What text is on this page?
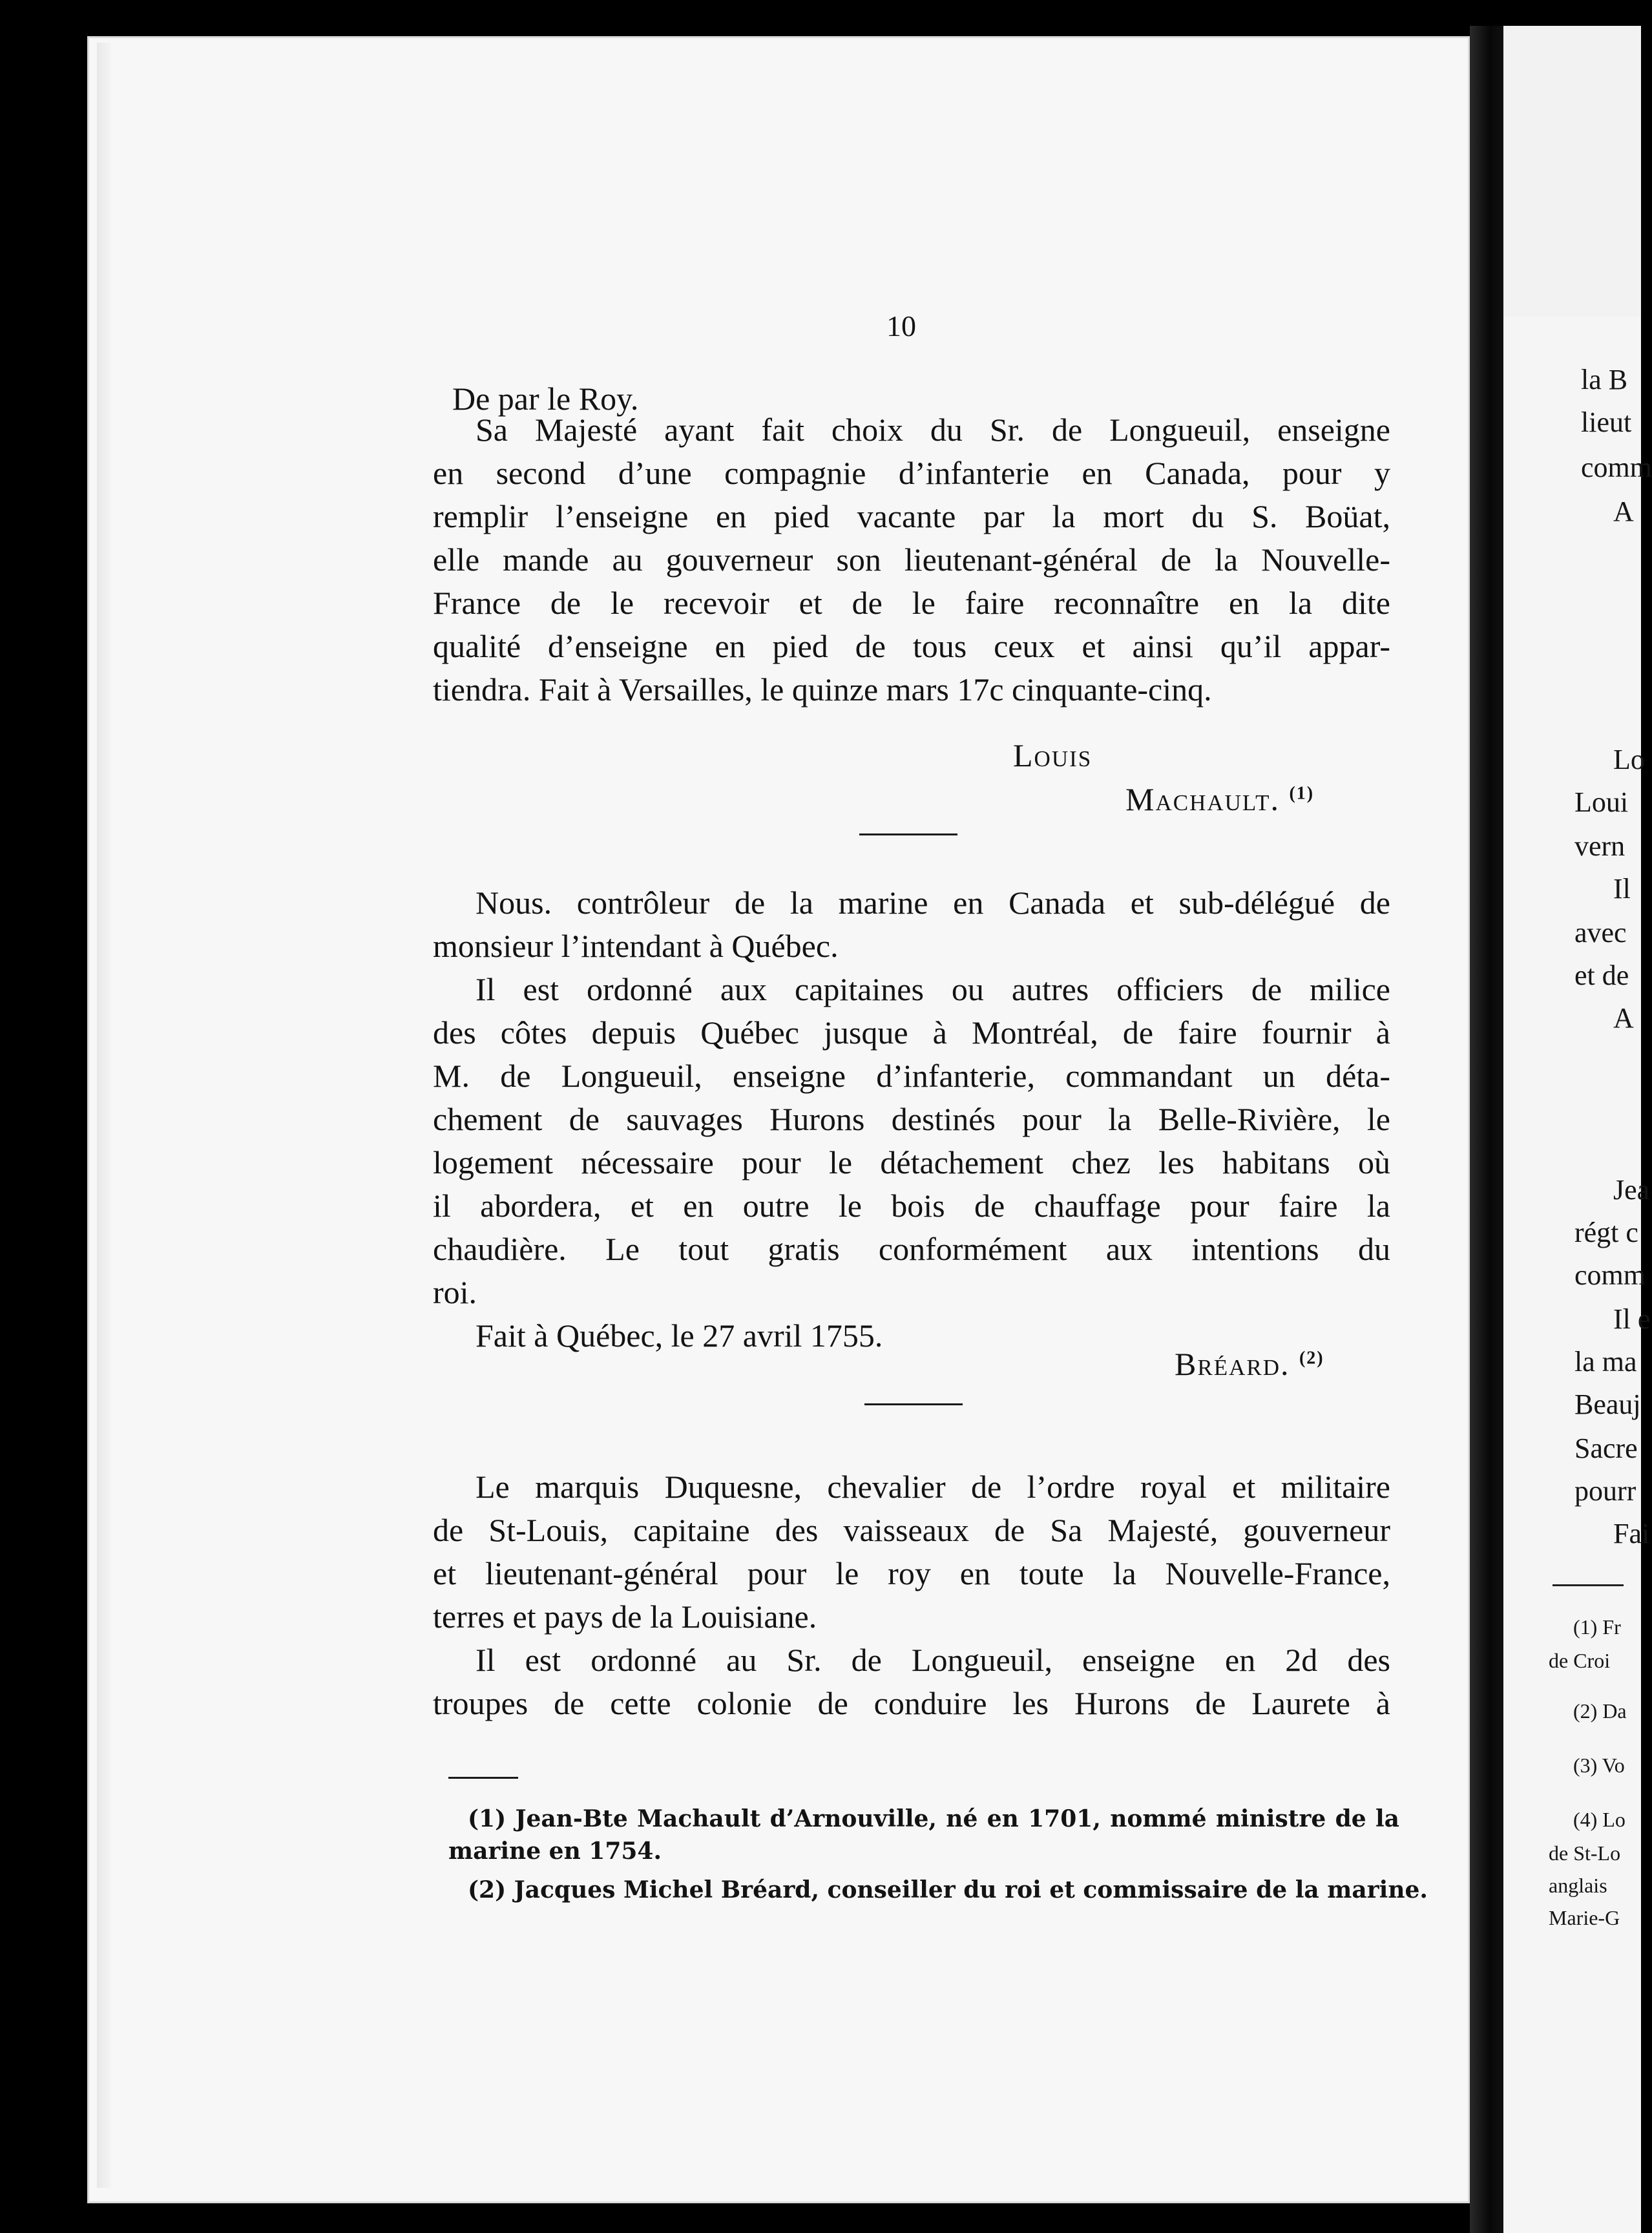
la B
lieut
comm
A
Lo
Loui
vern
Il
avec
et de
A
Jea
régt c
comm
Il e
la ma
Beauj
Sacre
pourr
Fai
(1) Fr
de Croi
(2) Da
(3) Vo
(4) Lo
de St-Lo
anglais
Marie-G
10
De par le Roy.
Sa Majesté ayant fait choix du Sr. de Longueuil, enseigne
en second d’une compagnie d’infanterie en Canada, pour y
remplir l’enseigne en pied vacante par la mort du S. Boüat,
elle mande au gouverneur son lieutenant-général de la Nouvelle-
France de le recevoir et de le faire reconnaître en la dite
qualité d’enseigne en pied de tous ceux et ainsi qu’il appar-
tiendra. Fait à Versailles, le quinze mars 17c cinquante-cinq.
Louis
Machault. $^{(1)}$
Nous. contrôleur de la marine en Canada et sub-délégué de
monsieur l’intendant à Québec.
Il est ordonné aux capitaines ou autres officiers de milice
des côtes depuis Québec jusque à Montréal, de faire fournir à
M. de Longueuil, enseigne d’infanterie, commandant un déta-
chement de sauvages Hurons destinés pour la Belle-Rivière, le
logement nécessaire pour le détachement chez les habitans où
il abordera, et en outre le bois de chauffage pour faire la
chaudière. Le tout gratis conformément aux intentions du
roi.
Fait à Québec, le 27 avril 1755.
Bréard. $^{(2)}$
Le marquis Duquesne, chevalier de l’ordre royal et militaire
de St-Louis, capitaine des vaisseaux de Sa Majesté, gouverneur
et lieutenant-général pour le roy en toute la Nouvelle-France,
terres et pays de la Louisiane.
Il est ordonné au Sr. de Longueuil, enseigne en 2d des
troupes de cette colonie de conduire les Hurons de Laurete à
(1) Jean-Bte Machault d’Arnouville, né en 1701, nommé ministre de la
marine en 1754.
(2) Jacques Michel Bréard, conseiller du roi et commissaire de la marine.
